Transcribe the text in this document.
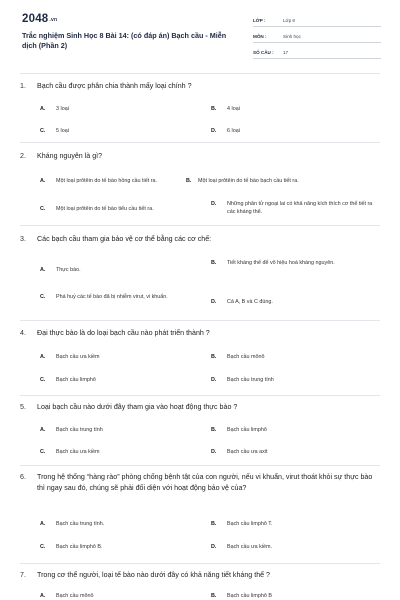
2048.vn
Trắc nghiệm Sinh Học 8 Bài 14: (có đáp án) Bạch cầu - Miễn dịch (Phần 2)
LỚP :	Lớp 8
MÔN :	Sinh học
SỐ CÂU :	17
1.	Bạch cầu được phân chia thành mấy loại chính ?
A.	3 loại	B.	4 loại
C.	5 loại	D.	6 loại
2.	Kháng nguyên là gì?
A.	Một loại prôtêin do tế bào hồng cầu tiết ra.	B.	Một loại prôtêin do tế bào bạch cầu tiết ra.
C.	Một loại prôtêin do tế bào tiểu cầu tiết ra.
D.	Những phân tử ngoại lai có khả năng kích thích cơ thể tiết ra các kháng thể.
3.	Các bạch cầu tham gia bảo vệ cơ thể bằng các cơ chế:
A.	Thực bào.
B.	Tiết kháng thể để vô hiệu hoá kháng nguyên.
C.	Phá huỷ các tế bào đã bị nhiễm virut, vi khuẩn.
D.	Cả A, B và C đúng.
4.	Đại thực bào là do loại bạch cầu nào phát triển thành ?
A.	Bạch cầu ưa kiềm	B.	Bạch cầu mônô
C.	Bạch cầu limphô	D.	Bạch cầu trung tính
5.	Loại bạch cầu nào dưới đây tham gia vào hoạt động thực bào ?
A.	Bạch cầu trung tính	B.	Bạch cầu limphô
C.	Bạch cầu ưa kiềm	D.	Bạch cầu ưa axit
6.	Trong hệ thống “hàng rào” phòng chống bệnh tật của con người, nếu vi khuẩn, virut thoát khỏi sự thực bào thì ngay sau đó, chúng sẽ phải đối diện với hoạt động bảo vệ của?
A.	Bạch cầu trung tính.	B.	Bạch cầu limphô T.
C.	Bạch cầu limphô B.	D.	Bạch cầu ưa kiềm.
7.	Trong cơ thể người, loại tế bào nào dưới đây có khả năng tiết kháng thể ?
A.	Bạch cầu mônô	B.	Bạch cầu limphô B
